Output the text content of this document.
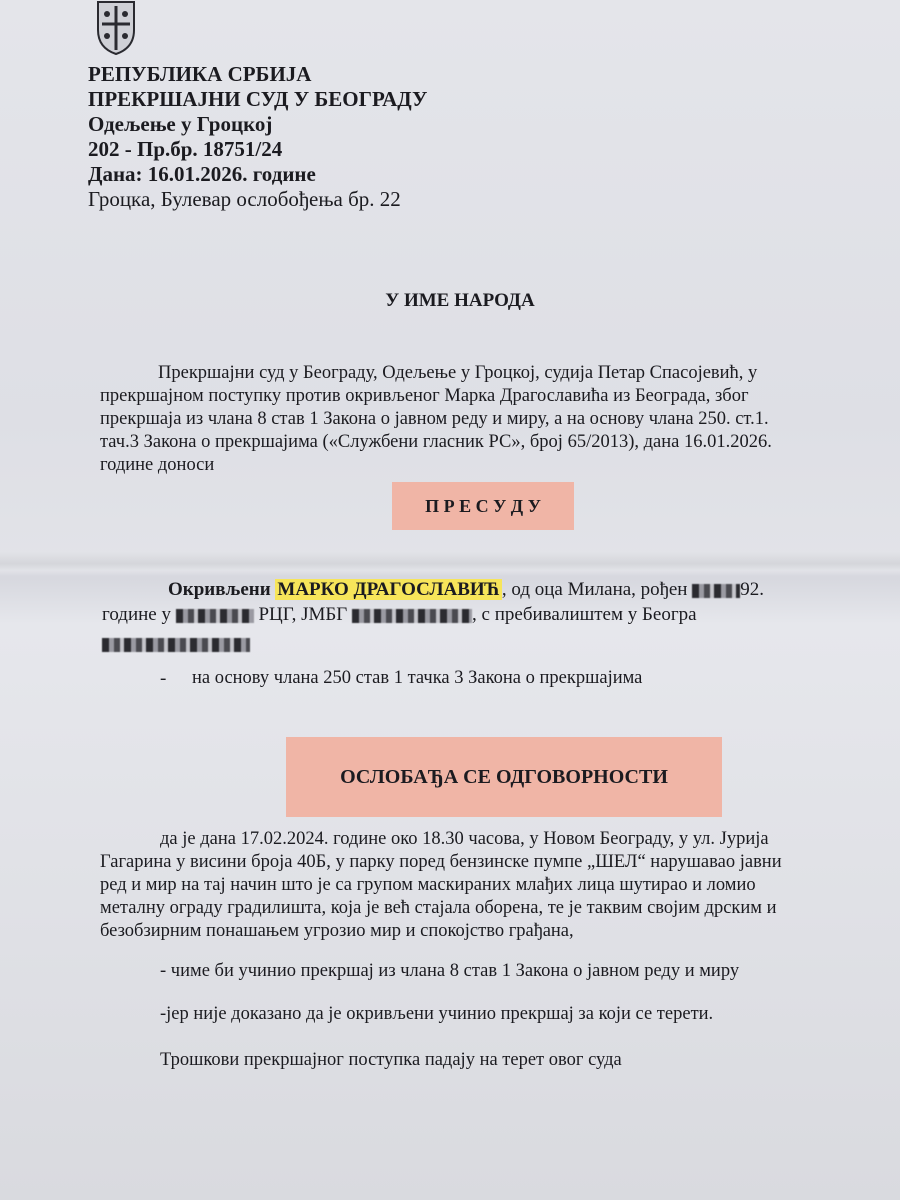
РЕПУБЛИКА СРБИЈА
ПРЕКРШАЈНИ СУД У БЕОГРАДУ
Одељење у Гроцкој
202 - Пр.бр. 18751/24
Дана: 16.01.2026. године
Гроцка, Булевар ослобођења бр. 22
У ИМЕ НАРОДА
Прекршајни суд у Београду, Одељење у Гроцкој, судија Петар Спасојевић, у
прекршајном поступку против окривљеног Марка Драгославића из Београда, због
прекршаја из члана 8 став 1 Закона о јавном реду и миру, а на основу члана 250. ст.1.
тач.3 Закона о прекршајима («Службени гласник РС», број 65/2013), дана 16.01.2026.
године доноси
П Р Е С У Д У
Окривљени МАРКО ДРАГОСЛАВИЋ , од оца Милана, рођен	92.
године у	РЦГ, ЈМБГ	, с пребивалиштем у Београ
- на основу члана 250 став 1 тачка 3 Закона о прекршајима
ОСЛОБАЂА СЕ ОДГОВОРНОСТИ
да је дана 17.02.2024. године око 18.30 часова, у Новом Београду, у ул. Јурија
Гагарина у висини броја 40Б, у парку поред бензинске пумпе „ШЕЛ“ нарушавао јавни
ред и мир на тај начин што је са групом маскираних млађих лица шутирао и ломио
металну ограду градилишта, која је већ стајала оборена, те је таквим својим дрским и
безобзирним понашањем угрозио мир и спокојство грађана,
- чиме би учинио прекршај из члана 8 став 1 Закона о јавном реду и миру
-јер није доказано да је окривљени учинио прекршај за који се терети.
Трошкови прекршајног поступка падају на терет овог суда
